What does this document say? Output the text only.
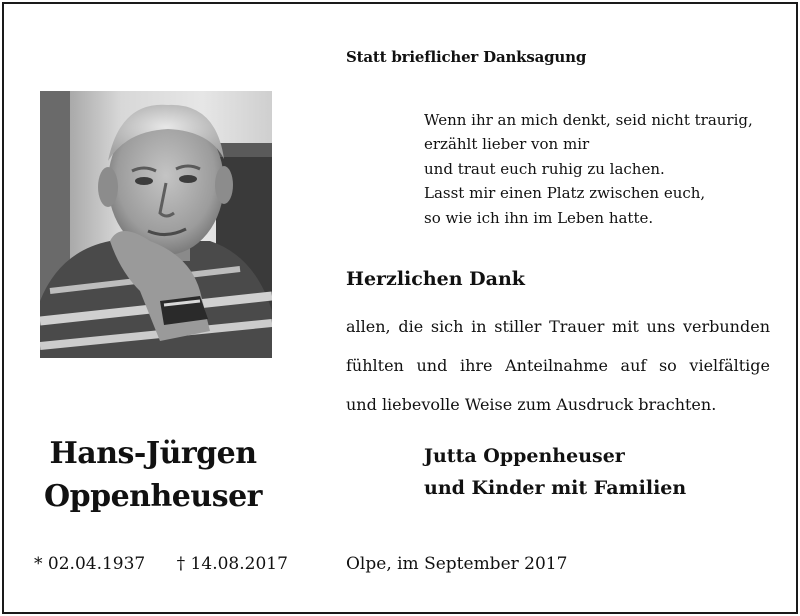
Statt brieflicher Danksagung
Wenn ihr an mich denkt, seid nicht traurig,
erzählt lieber von mir
und traut euch ruhig zu lachen.
Lasst mir einen Platz zwischen euch,
so wie ich ihn im Leben hatte.
Herzlichen Dank
allen, die sich in stiller Trauer mit uns verbunden
fühlten und ihre Anteilnahme auf so vielfältige
und liebevolle Weise zum Ausdruck brachten.
Hans-Jürgen
Oppenheuser
Jutta Oppenheuser
und Kinder mit Familien
* 02.04.1937 † 14.08.2017	Olpe, im September 2017
